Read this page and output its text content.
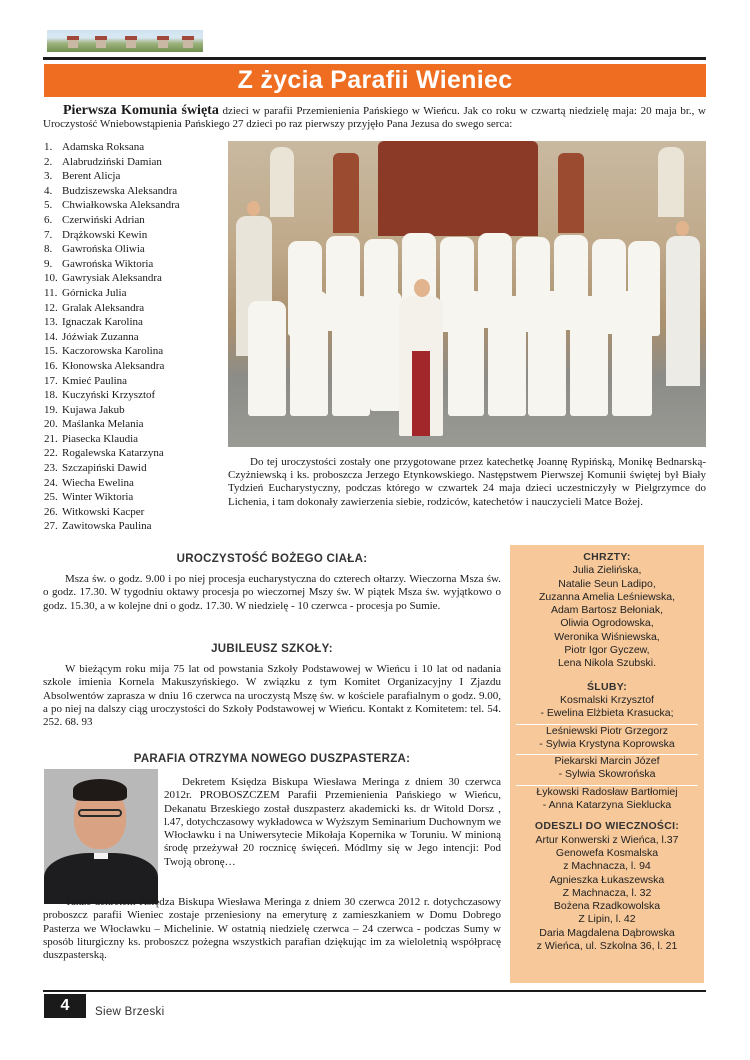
Z życia Parafii Wieniec

Pierwsza Komunia święta dzieci w parafii Przemienienia Pańskiego w Wieńcu. Jak co roku w czwartą niedzielę maja: 20 maja br., w Uroczystość Wniebowstąpienia Pańskiego 27 dzieci po raz pierwszy przyjęło Pana Jezusa do swego serca:

1. Adamska Roksana
2. Alabrudziński Damian
3. Berent Alicja
4. Budziszewska Aleksandra
5. Chwiałkowska Aleksandra
6. Czerwiński Adrian
7. Drążkowski Kewin
8. Gawrońska Oliwia
9. Gawrońska Wiktoria
10. Gawrysiak Aleksandra
11. Górnicka Julia
12. Gralak Aleksandra
13. Ignaczak Karolina
14. Jóźwiak Zuzanna
15. Kaczorowska Karolina
16. Kłonowska Aleksandra
17. Kmieć Paulina
18. Kuczyński Krzysztof
19. Kujawa Jakub
20. Maślanka Melania
21. Piasecka Klaudia
22. Rogalewska Katarzyna
23. Szczapiński Dawid
24. Wiecha Ewelina
25. Winter Wiktoria
26. Witkowski Kacper
27. Zawitowska Paulina

Do tej uroczystości zostały one przygotowane przez katechetkę Joannę Rypińską, Monikę Bednarską-Czyżniewską i ks. proboszcza Jerzego Etynkowskiego. Następstwem Pierwszej Komunii świętej był Biały Tydzień Eucharystyczny, podczas którego w czwartek 24 maja dzieci uczestniczyły w Pielgrzymce do Lichenia, i tam dokonały zawierzenia siebie, rodziców, katechetów i nauczycieli Matce Bożej.

UROCZYSTOŚĆ BOŻEGO CIAŁA:

Msza św. o godz. 9.00 i po niej procesja eucharystyczna do czterech ołtarzy. Wieczorna Msza św. o godz. 17.30. W tygodniu oktawy procesja po wieczornej Mszy św. W piątek Msza św. wyjątkowo o godz. 15.30, a w kolejne dni o godz. 17.30. W niedzielę - 10 czerwca - procesja po Sumie.

JUBILEUSZ SZKOŁY:

W bieżącym roku mija 75 lat od powstania Szkoły Podstawowej w Wieńcu i 10 lat od nadania szkole imienia Kornela Makuszyńskiego. W związku z tym Komitet Organizacyjny I Zjazdu Absolwentów zaprasza w dniu 16 czerwca na uroczystą Mszę św. w kościele parafialnym o godz. 9.00, a po niej na dalszy ciąg uroczystości do Szkoły Podstawowej w Wieńcu. Kontakt z Komitetem: tel. 54. 252. 68. 93

PARAFIA OTRZYMA NOWEGO DUSZPASTERZA:

Dekretem Księdza Biskupa Wiesława Meringa z dniem 30 czerwca 2012r. PROBOSZCZEM Parafii Przemienienia Pańskiego w Wieńcu, Dekanatu Brzeskiego został duszpasterz akademicki ks. dr Witold Dorsz , l.47, dotychczasowy wykładowca w Wyższym Seminarium Duchownym we Włocławku i na Uniwersytecie Mikołaja Kopernika w Toruniu. W minioną środę przeżywał 20 rocznicę święceń. Módlmy się w Jego intencji: Pod Twoją obronę…

Także dekretem Księdza Biskupa Wiesława Meringa z dniem 30 czerwca 2012 r. dotychczasowy proboszcz parafii Wieniec zostaje przeniesiony na emeryturę z zamieszkaniem w Domu Dobrego Pasterza we Włocławku – Michelinie. W ostatnią niedzielę czerwca – 24 czerwca - podczas Sumy w sposób liturgiczny ks. proboszcz pożegna wszystkich parafian dziękując im za wieloletnią współpracę duszpasterską.

CHRZTY:
Julia Zielińska,
Natalie Seun Ladipo,
Zuzanna Amelia Leśniewska,
Adam Bartosz Bełoniak,
Oliwia Ogrodowska,
Weronika Wiśniewska,
Piotr Igor Gyczew,
Lena Nikola Szubski.
ŚLUBY:
Kosmalski Krzysztof
- Ewelina Elżbieta Krasucka;
Leśniewski Piotr Grzegorz
- Sylwia Krystyna Koprowska
Piekarski Marcin Józef
- Sylwia Skowrońska
Łykowski Radosław Bartłomiej
- Anna Katarzyna Sieklucka
ODESZLI DO WIECZNOŚCI:
Artur Konwerski z Wieńca, l.37
Genowefa Kosmalska
z Machnacza, l. 94
Agnieszka Łukaszewska
Z Machnacza, l. 32
Bożena Rzadkowolska
Z Lipin, l. 42
Daria Magdalena Dąbrowska
z Wieńca, ul. Szkolna 36, l. 21
4	Siew Brzeski
